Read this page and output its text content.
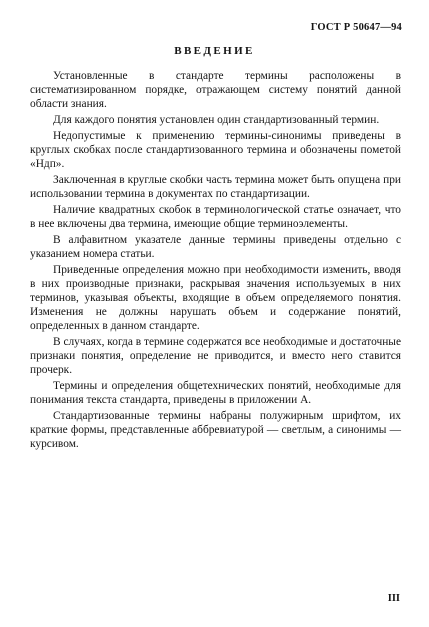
ГОСТ Р 50647—94
ВВЕДЕНИЕ

Установленные в стандарте термины расположены в систематизированном порядке, отражающем систему понятий данной области знания.

Для каждого понятия установлен один стандартизованный термин.

Недопустимые к применению термины-синонимы приведены в круглых скобках после стандартизованного термина и обозначены пометой «Ндп».

Заключенная в круглые скобки часть термина может быть опущена при использовании термина в документах по стандартизации.

Наличие квадратных скобок в терминологической статье означает, что в нее включены два термина, имеющие общие терминоэлементы.

В алфавитном указателе данные термины приведены отдельно с указанием номера статьи.

Приведенные определения можно при необходимости изменить, вводя в них производные признаки, раскрывая значения используемых в них терминов, указывая объекты, входящие в объем определяемого понятия. Изменения не должны нарушать объем и содержание понятий, определенных в данном стандарте.

В случаях, когда в термине содержатся все необходимые и достаточные признаки понятия, определение не приводится, и вместо него ставится прочерк.

Термины и определения общетехнических понятий, необходимые для понимания текста стандарта, приведены в приложении А.

Стандартизованные термины набраны полужирным шрифтом, их краткие формы, представленные аббревиатурой — светлым, а синонимы — курсивом.

III
